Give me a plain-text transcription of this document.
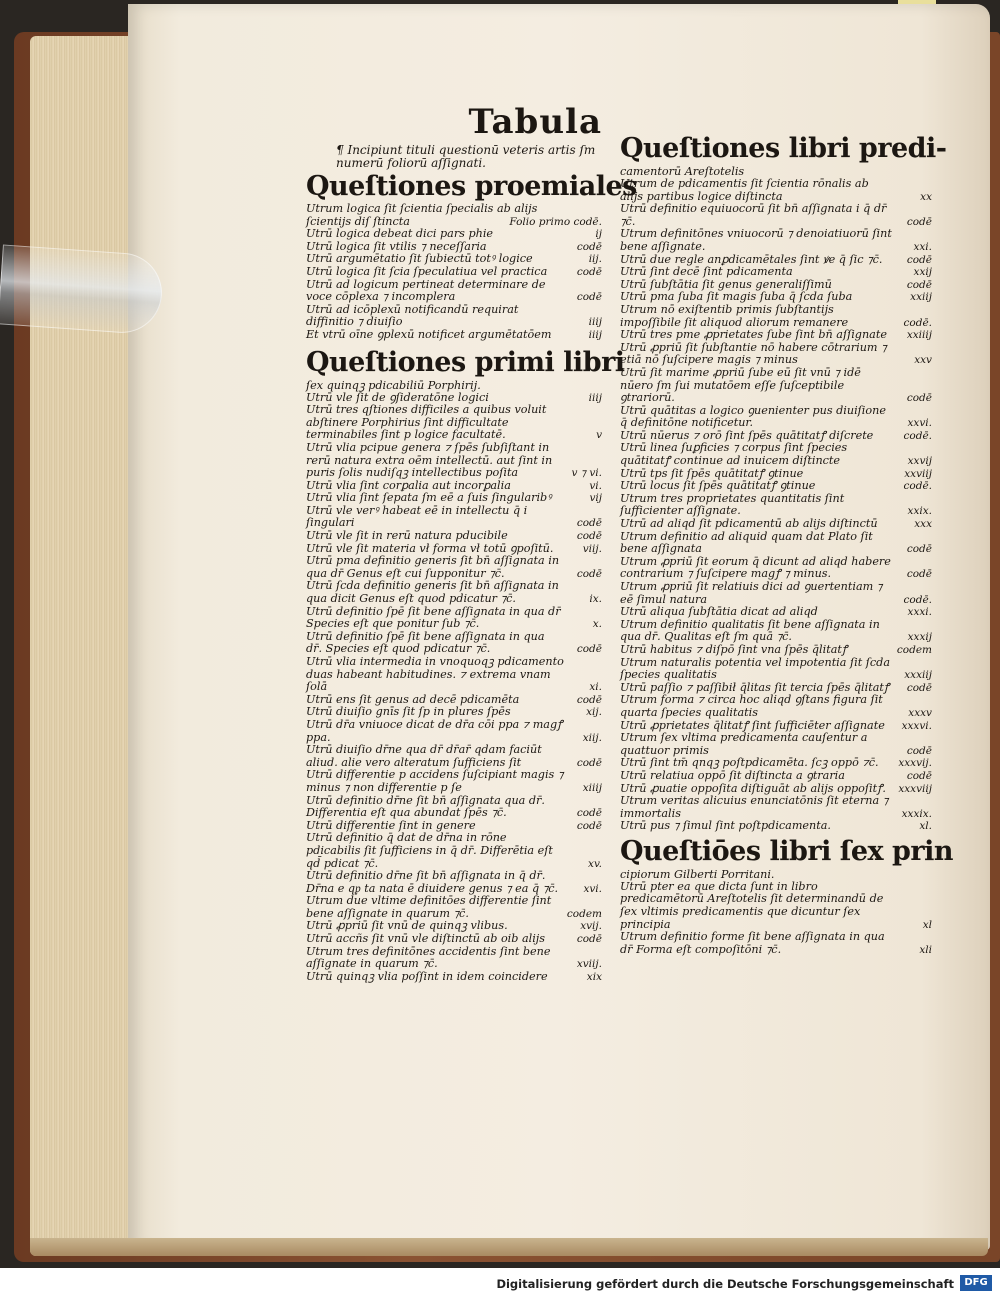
Tabula
¶ Incipiunt tituli questionū veteris artis ſm numerū foliorū aſſignati.
Queſtiones proemiales
Utrum logica ſit ſcientia ſpecialis ab alijs ſcientijs diſ ſtincta	Folio primo codē.
Utrū logica debeat dici pars phie	ij
Utrū logica ſit vtilis ⁊ neceſſaria	codē
Utrū argumētatio ſit ſubiectū totꝰ logice	iij.
Utrū logica ſit ſcia ſpeculatiua vel practica	codē
Utrū ad logicum pertineat determinare de voce cōplexa ⁊ incomplera	codē
Utrū ad icōplexū notificandū requirat diffinitio ⁊ diuiſio	iiij
Et vtrū oīne ꝯplexū notificet argumētatōem	iiij
Queſtiones primi libri
ſex quinqꝫ pdicabiliū Porphirij.
Utrū vle ſit de ꝯſideratōne logici	iiij
Utrū tres qſtiones difficiles a quibus voluit abſtinere Porphirius ſint difficultate terminabiles ſint p logice facultatē.	v
Utrū vlia pcipue genera ⁊ ſpēs ſubſiſtant in rerū natura extra oēm intellectū. aut ſint in puris ſolis nudiſqꝫ intellectibus poſita	v ⁊ vi.
Utrū vlia ſint corꝑalia aut incorꝑalia	vi.
Utrū vlia ſint ſepata ſm eē a ſuis ſingularibꝰ	vij
Utrū vle verꝰ habeat eē in intellectu q̄ i ſingulari	codē
Utrū vle ſit in rerū natura pducibile	codē
Utrū vle ſit materia vł forma vł totū ꝯpoſitū.	viij.
Utrū pma definitio generis ſit bn̄ aſſignata in qua dr̄ Genus eſt cui ſupponitur ⁊c̄.	codē
Utrū ſcda definitio generis ſit bn̄ aſſignata in qua dicit Genus eſt quod pdicatur ⁊c̄.	ix.
Utrū definitio ſpē ſit bene aſſignata in qua dr̄ Species eſt que ponitur ſub ⁊c̄.	x.
Utrū definitio ſpē ſit bene aſſignata in qua dr̄. Species eſt quod pdicatur ⁊c̄.	codē
Utrū vlia intermedia in vnoquoqꝫ pdicamento duas habeant habitudines. ⁊ extrema vnam ſolā	xi.
Utrū ens ſit genus ad decē pdicamēta	codē
Utrū diuiſio gnīs ſit ſp in plures ſpēs	xij.
Utrū dr̄a vniuoce dicat de dr̄a cōi ppa ⁊ magꝭ ppa.	xiij.
Utrū diuiſio dr̄ne qua dr̄ dr̄ar̄ qdam faciūt aliud. alie vero alteratum ſufficiens ſit	codē
Utrū differentie p accidens ſuſcipiant magis ⁊ minus ⁊ non differentie p ſe	xiiij
Utrū definitio dr̄ne ſit bn̄ aſſignata qua dr̄. Differentia eſt qua abundat ſpēs ⁊c̄.	codē
Utrū differentie ſint in genere	codē
Utrū definitio q̄ dat de dr̄na in rōne pdicabilis ſit ſufficiens in q̄ dr̄. Differētia eſt qd̄ pdicat ⁊c̄.	xv.
Utrū definitio dr̄ne ſit bn̄ aſſignata in q̄ dr̄. Dr̄na e qᵱ ta nata ē diuidere genus ⁊ ea q̄ ⁊c̄. xvi.
Utrum due vltime definitōes differentie ſint bene aſſignate in quarum ⁊c̄.	codem
Utrū ꝓpriū ſit vnū de quinqꝫ vlibus.	xvij.
Utrū accñs ſit vnū vle diſtinctū ab oib alijs	codē
Utrum tres definitōnes accidentis ſint bene aſſignate in quarum ⁊c̄.	xviij.
Utrū quinqꝫ vlia poſſint in idem coincidere	xix
Queſtiones libri predi-
camentorū Areſtotelis
Utrum de pdicamentis ſit ſcientia rōnalis ab alijs partibus logice diſtincta	xx
Utrū definitio equiuocorū ſit bn̄ aſſignata i q̄ dr̄ ⁊c̄.	codē
Utrum definitōnes vniuocorū ⁊ denoiatiuorū ſint bene aſſignate.	xxi.
Utrū due regle anꝑdicamētales ſint ꝟe q̄ ſic ⁊c̄. codē
Utrū ſint decē ſint pdicamenta	xxij
Utrū ſubſtātia ſit genus generaliſſimū	codē
Utrū pma ſuba ſit magis ſuba q̄ ſcda ſuba	xxiij
Utrum nō exiſtentib primis ſubſtantijs impoſſibile ſit aliquod aliorum remanere	codē.
Utrū tres pme ꝓprietates ſube ſint bn̄ aſſignate xxiiij
Utrū ꝓpriū ſit ſubſtantie nō habere cōtrarium ⁊ etiā nō ſuſcipere magis ⁊ minus	xxv
Utrū ſit marime ꝓpriū ſube eū ſit vnū ⁊ idē nūero ſm ſui mutatōem eſſe ſuſceptibile ꝯtrariorū.	codē
Utrū quātitas a logico ꝯuenienter pus diuiſione q̄ definitōne notificetur.	xxvi.
Utrū nūerus ⁊ orō ſint ſpēs quātitatꝭ diſcrete	codē.
Utrū linea ſuꝑficies ⁊ corpus ſint ſpecies quātitatꝭ continue ad inuicem diſtincte	xxvij
Utrū tps ſit ſpēs quātitatꝭ ꝯtinue	xxviij
Utrū locus ſit ſpēs quātitatꝭ ꝯtinue	codē.
Utrum tres proprietates quantitatis ſint ſufficienter aſſignate.	xxix.
Utrū ad aliqd ſit pdicamentū ab alijs diſtinctū	xxx
Utrum definitio ad aliquid quam dat Plato ſit bene aſſignata	codē
Utrum ꝓpriū ſit eorum q̄ dicunt ad aliqd habere contrarium ⁊ ſuſcipere magꝭ ⁊ minus.	codē
Utrum ꝓpriū ſit relatiuis dici ad ꝯuertentiam ⁊ eē ſimul natura	codē.
Utrū aliqua ſubſtātia dicat ad aliqd	xxxi.
Utrum definitio qualitatis ſit bene aſſignata in qua dr̄. Qualitas eſt ſm quā ⁊c̄.	xxxij
Utrū habitus ⁊ diſpō ſint vna ſpēs q̄litatꝭ	codem
Utrum naturalis potentia vel impotentia ſit ſcda ſpecies qualitatis	xxxiij
Utrū paſſio ⁊ paſſibił q̄litas ſit tercia ſpēs q̄litatꝭ codē
Utrum forma ⁊ circa hoc aliqd ꝯſtans figura ſit quarta ſpecies qualitatis	xxxv
Utrū ꝓprietates q̄litatꝭ ſint ſufficiēter aſſignate xxxvi.
Utrum ſex vltima predicamenta cauſentur a quattuor primis	codē
Utrū ſint tm̄ qnqꝫ poſtpdicamēta. ſcꝫ oppō ⁊c̄. xxxvij.
Utrū relatiua oppō ſit diſtincta a ꝯtraria	codē
Utrū ꝓuatie oppoſita diſtiguāt ab alijs oppoſitꝭ. xxxviij
Utrum veritas alicuius enunciatōnis ſit eterna ⁊ immortalis	xxxix.
Utrū pus ⁊ ſimul ſint poſtpdicamenta.	xl.
Queſtiōes libri ſex prin
cipiorum Gilberti Porritani.
Utrū pter ea que dicta ſunt in libro predicamētorū Areſtotelis ſit determinandū de ſex vltimis predicamentis que dicuntur ſex principia	xl
Utrum definitio forme ſit bene aſſignata in qua dr̄ Forma eſt compoſitōni ⁊c̄.	xli
Digitalisierung gefördert durch die Deutsche Forschungsgemeinschaft	DFG
